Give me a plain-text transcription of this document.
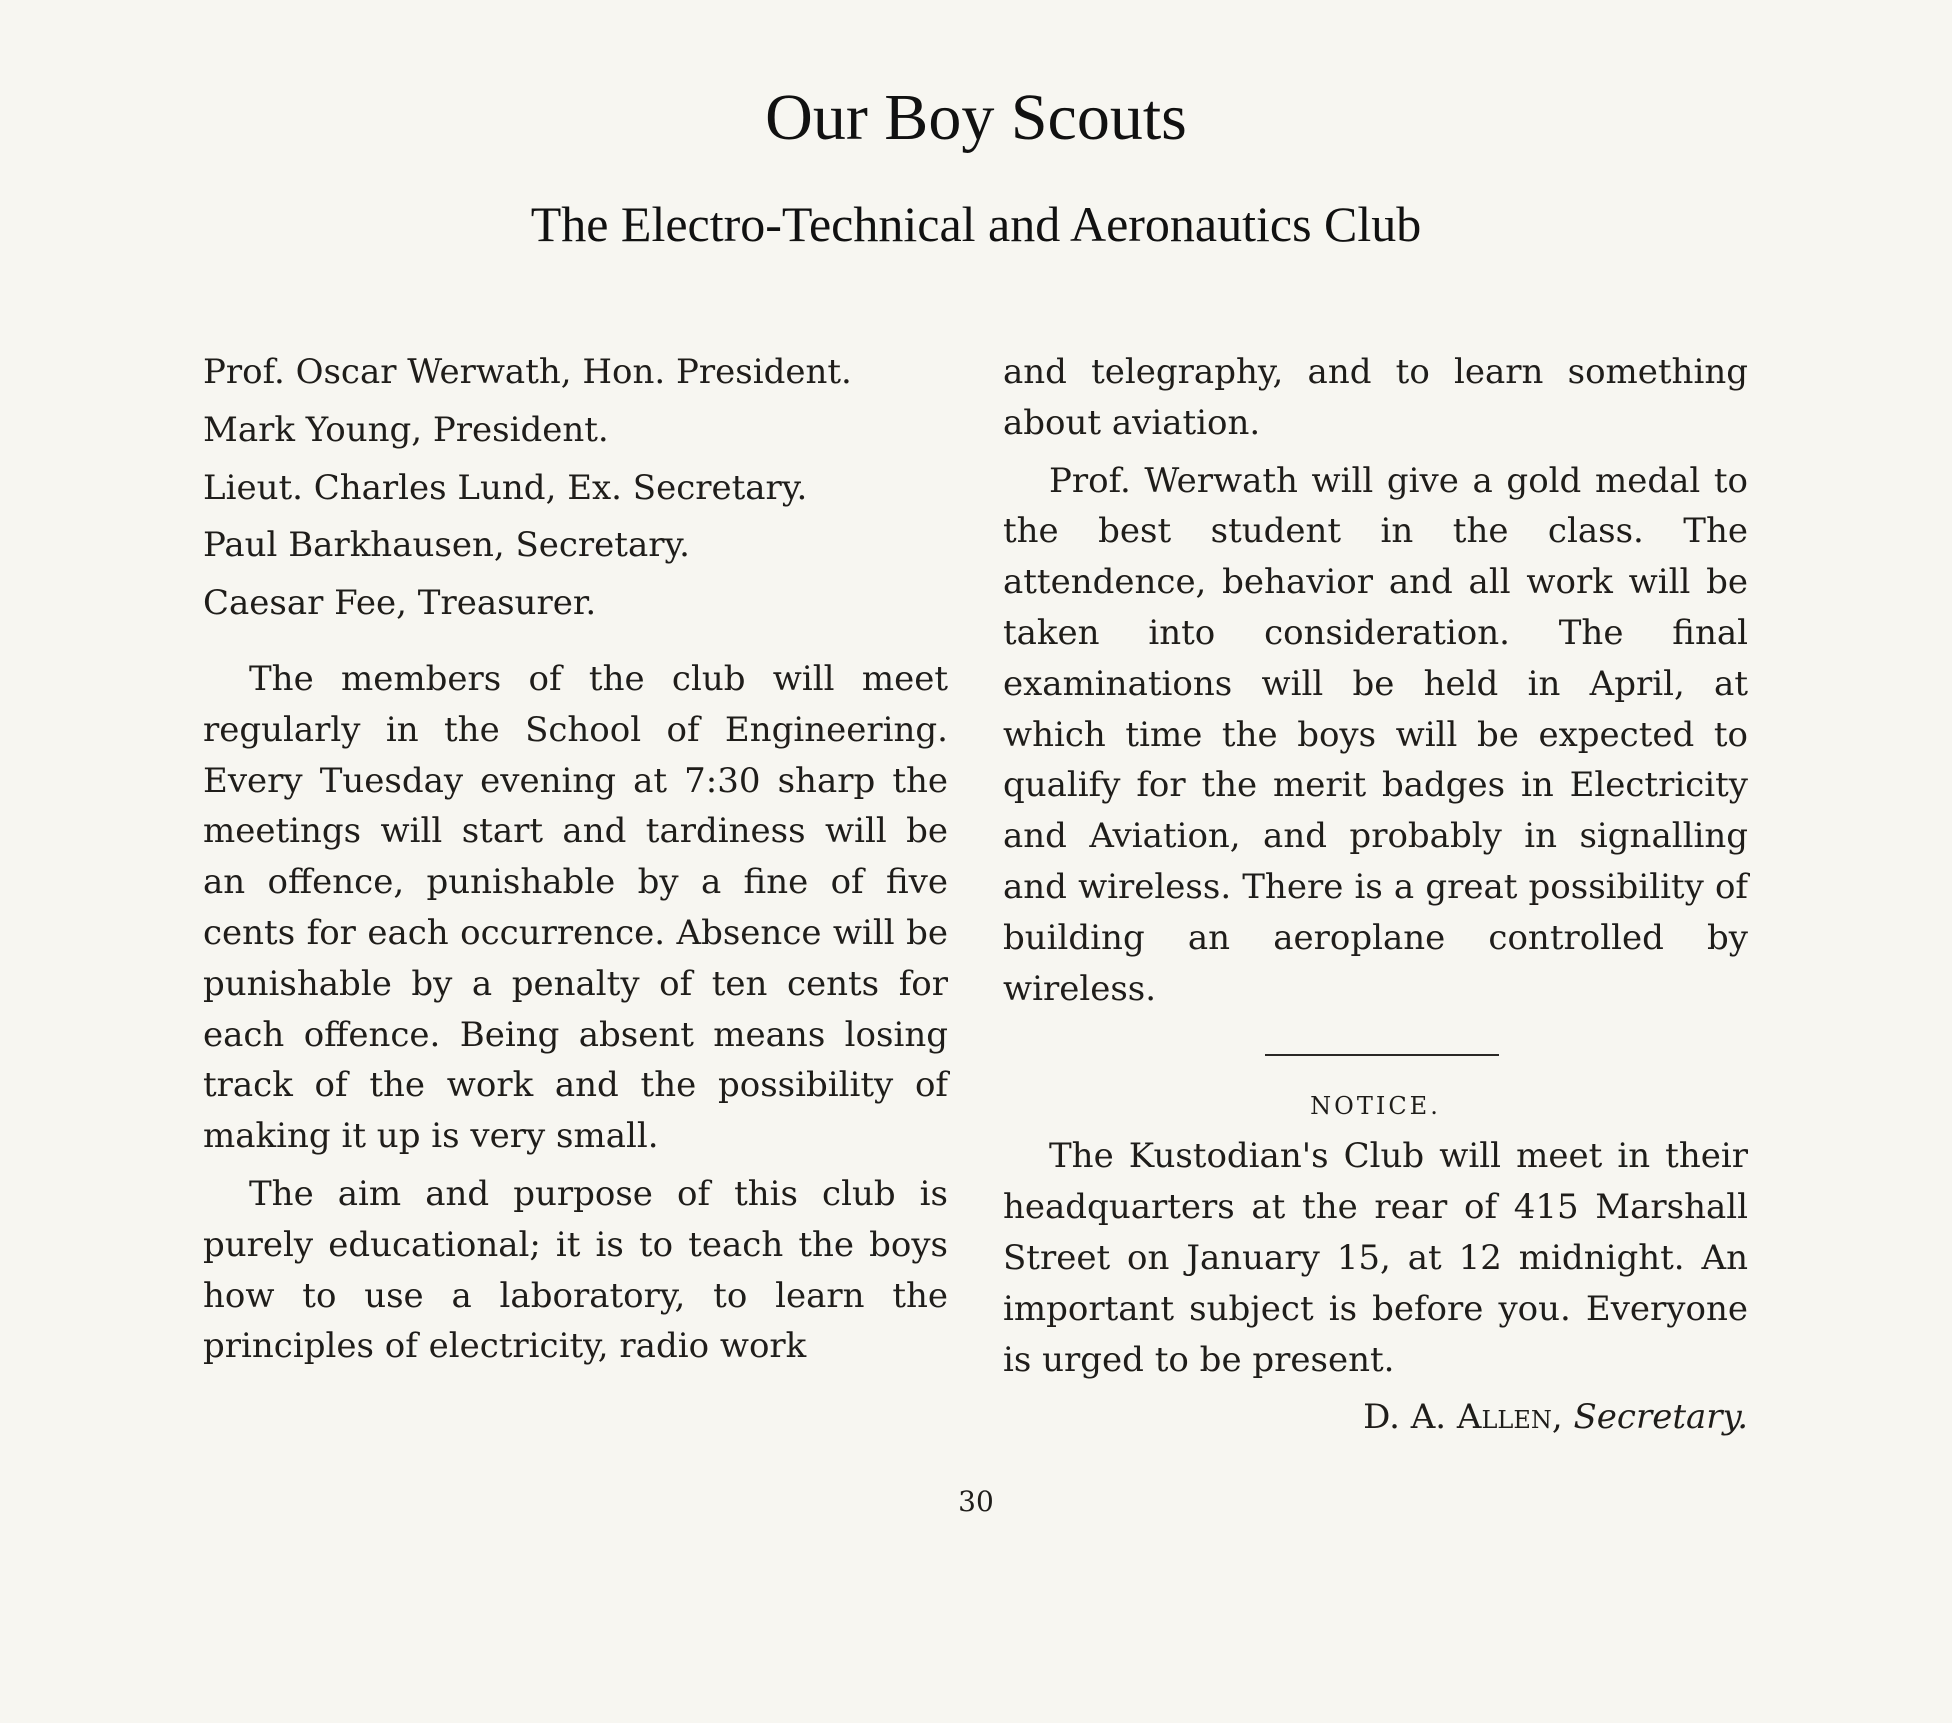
Our Boy Scouts
The Electro-Technical and Aeronautics Club
Prof. Oscar Werwath, Hon. President.
Mark Young, President.
Lieut. Charles Lund, Ex. Secretary.
Paul Barkhausen, Secretary.
Caesar Fee, Treasurer.

The members of the club will meet regularly in the School of Engineering. Every Tuesday evening at 7:30 sharp the meetings will start and tardiness will be an offence, punishable by a fine of five cents for each occurrence. Absence will be punishable by a penalty of ten cents for each offence. Being absent means losing track of the work and the possibility of making it up is very small.

The aim and purpose of this club is purely educational; it is to teach the boys how to use a laboratory, to learn the principles of electricity, radio work

and telegraphy, and to learn something about aviation.

Prof. Werwath will give a gold medal to the best student in the class. The attendence, behavior and all work will be taken into consideration. The final examinations will be held in April, at which time the boys will be expected to qualify for the merit badges in Electricity and Aviation, and probably in signalling and wireless. There is a great possibility of building an aeroplane controlled by wireless.

NOTICE.

The Kustodian's Club will meet in their headquarters at the rear of 415 Marshall Street on January 15, at 12 midnight. An important subject is before you. Everyone is urged to be present.

D. A. Allen, Secretary.

30
